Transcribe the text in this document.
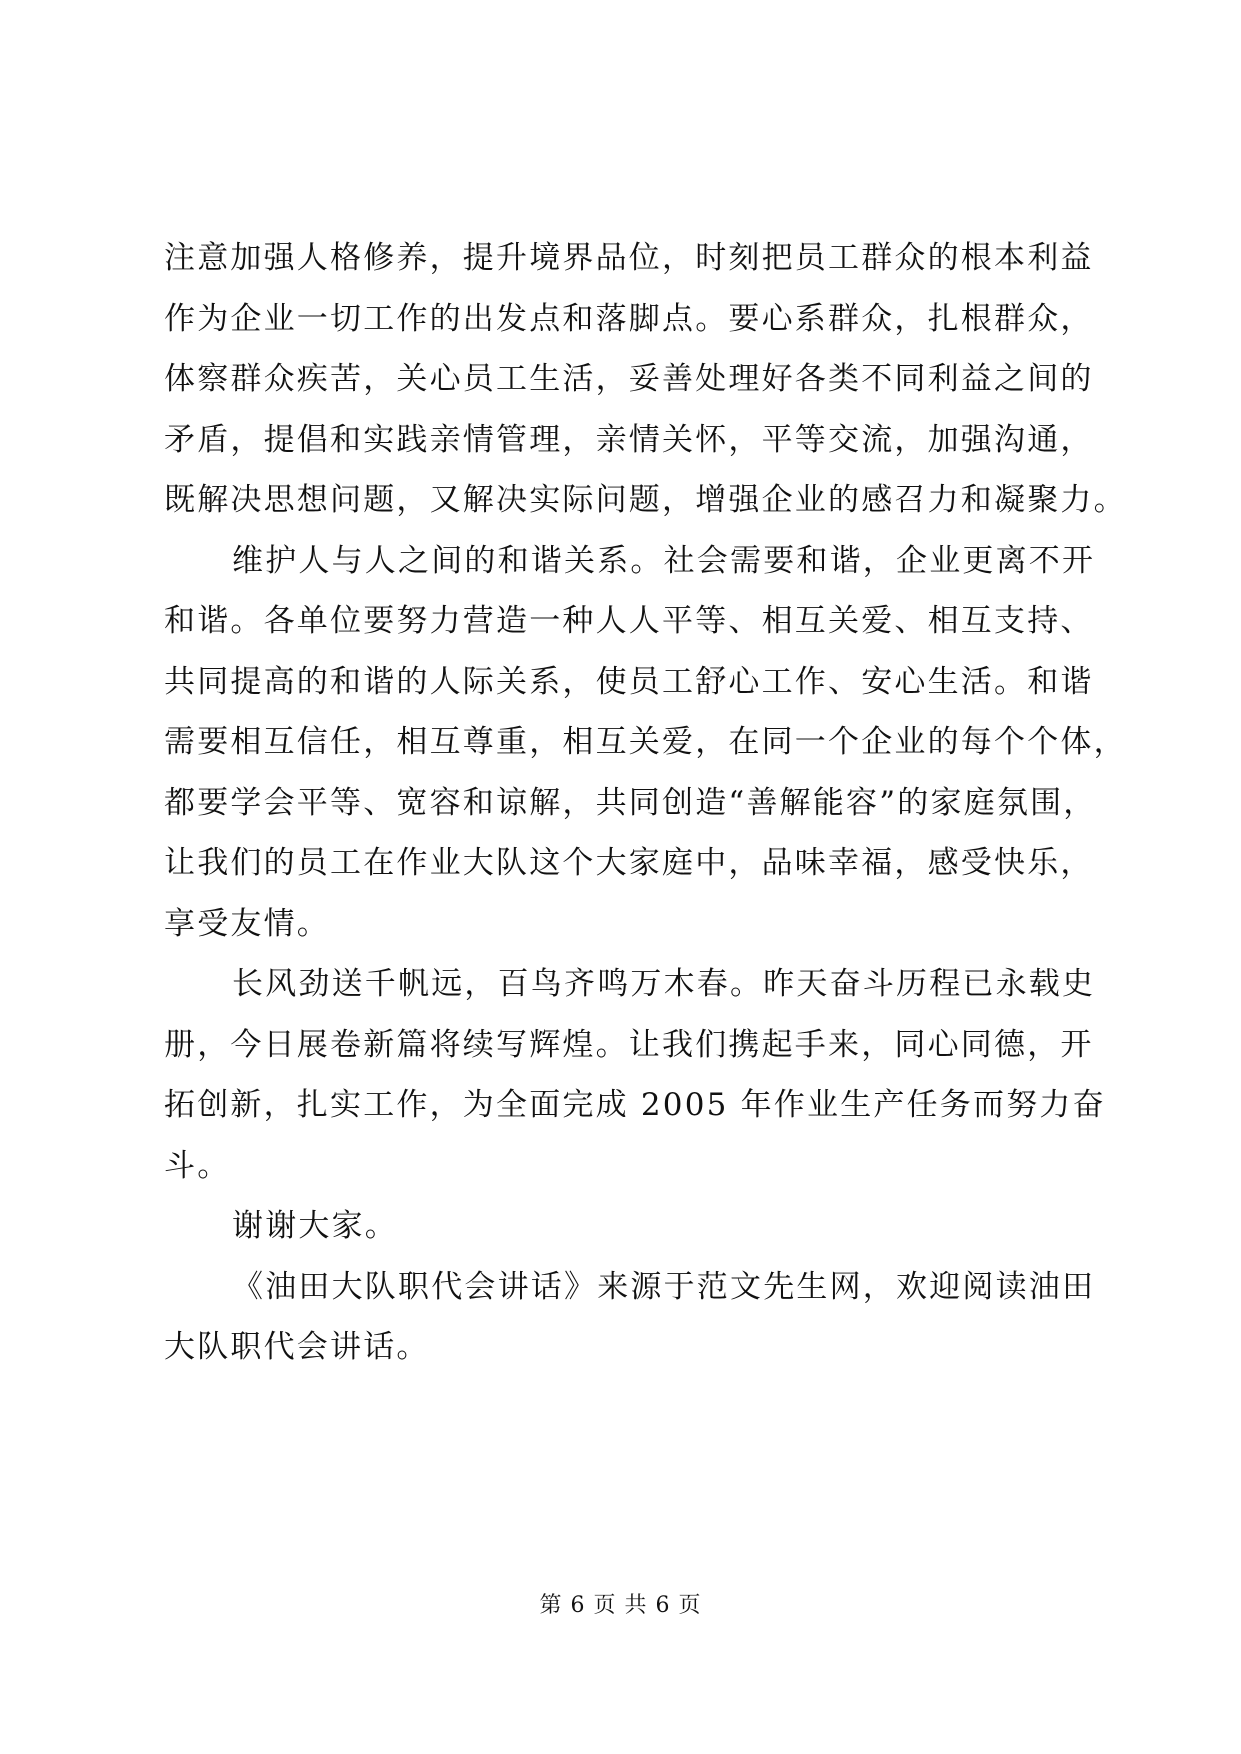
注意加强人格修养，提升境界品位，时刻把员工群众的根本利益
作为企业一切工作的出发点和落脚点。要心系群众，扎根群众，
体察群众疾苦，关心员工生活，妥善处理好各类不同利益之间的
矛盾，提倡和实践亲情管理，亲情关怀，平等交流，加强沟通，
既解决思想问题，又解决实际问题，增强企业的感召力和凝聚力。
维护人与人之间的和谐关系。社会需要和谐，企业更离不开
和谐。各单位要努力营造一种人人平等、相互关爱、相互支持、
共同提高的和谐的人际关系，使员工舒心工作、安心生活。和谐
需要相互信任，相互尊重，相互关爱，在同一个企业的每个个体，
都要学会平等、宽容和谅解，共同创造“善解能容”的家庭氛围，
让我们的员工在作业大队这个大家庭中，品味幸福，感受快乐，
享受友情。
长风劲送千帆远，百鸟齐鸣万木春。昨天奋斗历程已永载史
册，今日展卷新篇将续写辉煌。让我们携起手来，同心同德，开
拓创新，扎实工作，为全面完成 2005 年作业生产任务而努力奋
斗。
谢谢大家。
《油田大队职代会讲话》来源于范文先生网，欢迎阅读油田
大队职代会讲话。
第 6 页 共 6 页
